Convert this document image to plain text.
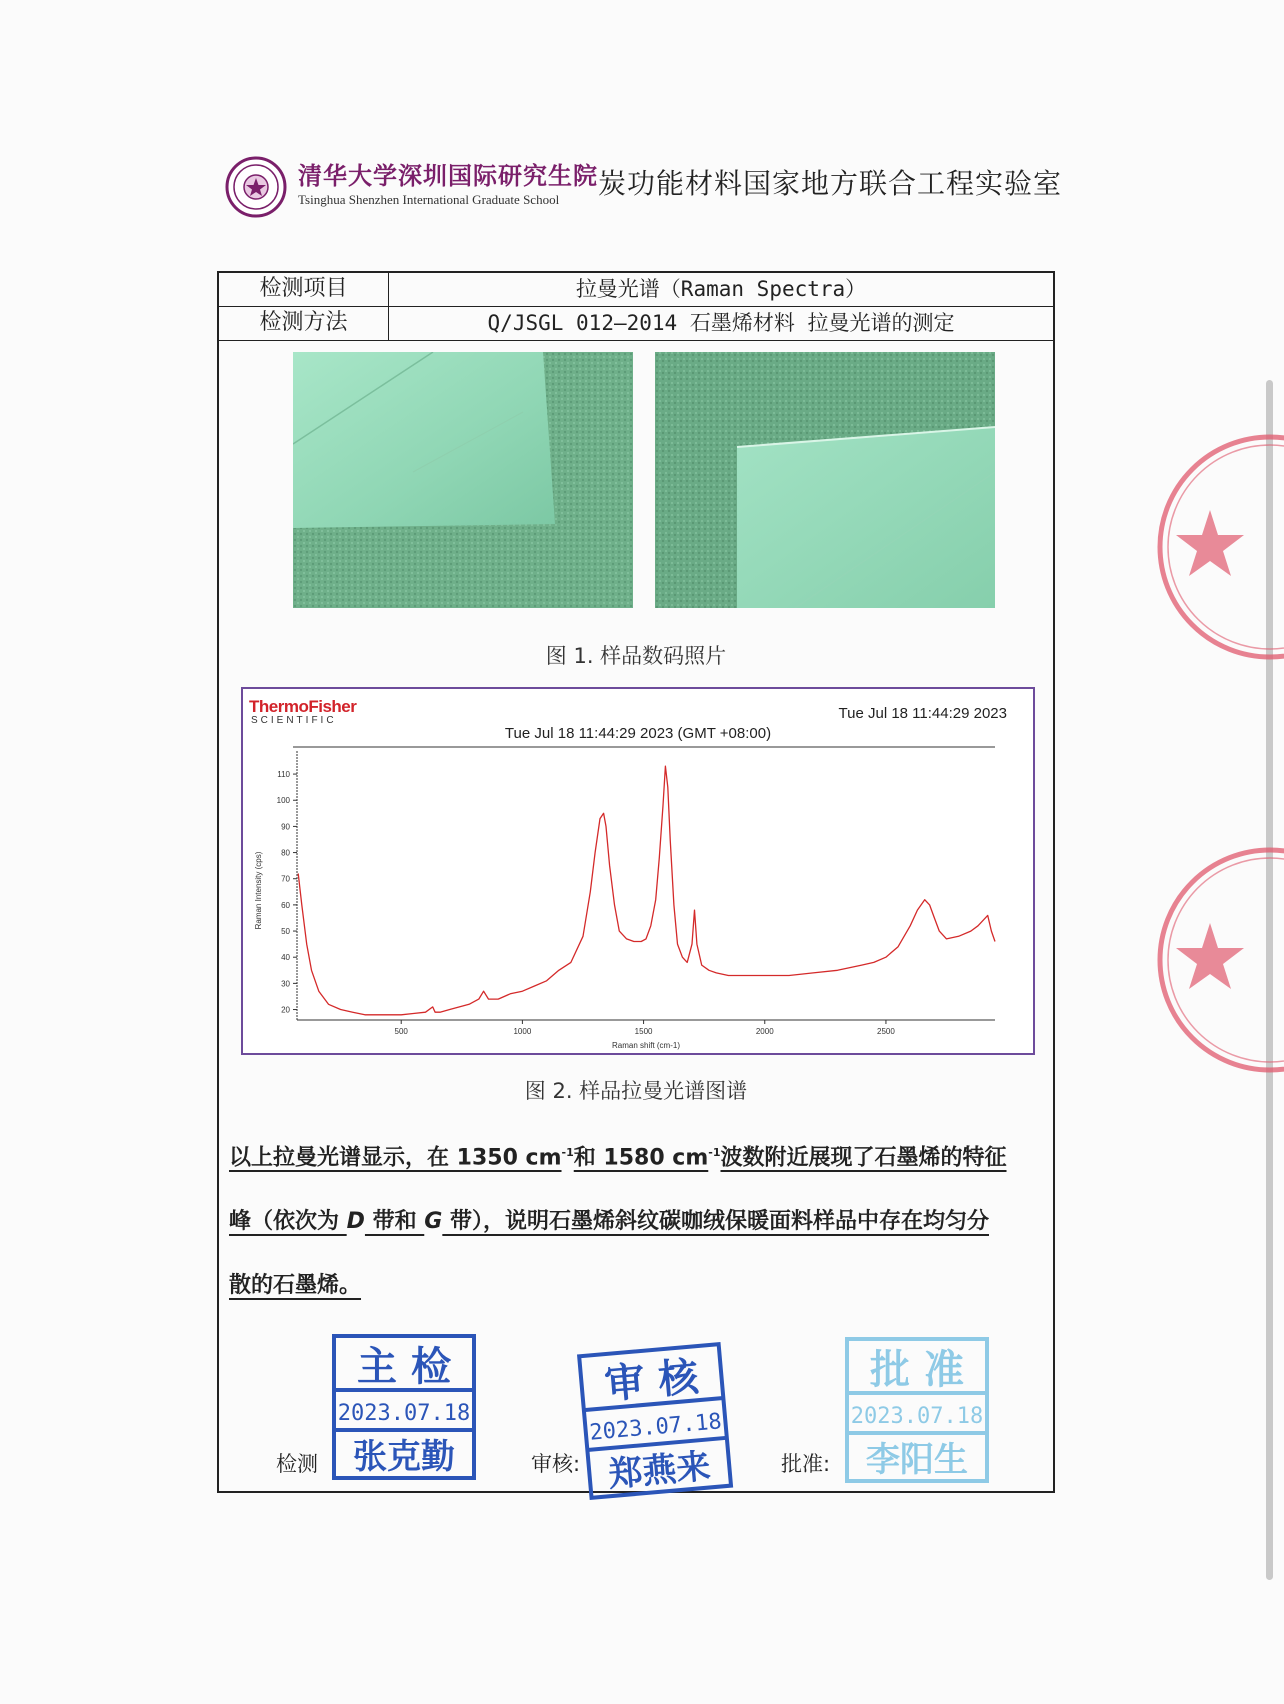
清华大学深圳国际研究生院
Tsinghua Shenzhen International Graduate School 炭功能材料国家地方联合工程实验室
检测项目	拉曼光谱（Raman Spectra）
检测方法	Q/JSGL 012—2014 石墨烯材料 拉曼光谱的测定
图 1. 样品数码照片
ThermoFisher
SCIENTIFIC	Tue Jul 18 11:44:29 2023
Tue Jul 18 11:44:29 2023 (GMT +08:00)
20
30
40
50
60
70
80
90
100
110
500	1000	1500	2000	2500
Raman shift (cm-1)
Raman Intensity (cps)
图 2. 样品拉曼光谱图谱
以上拉曼光谱显示，在 1350 $cm^{-1}$和 1580 $cm^{-1}$波数附近展现了石墨烯的特征
峰（依次为 D 带和 G 带），说明石墨烯斜纹碳咖绒保暖面料样品中存在均匀分
散的石墨烯。
检测	审核:	批准:
主 检
2023.07.18
张克勤
审 核
2023.07.18
郑燕来
批 准
2023.07.18
李阳生
